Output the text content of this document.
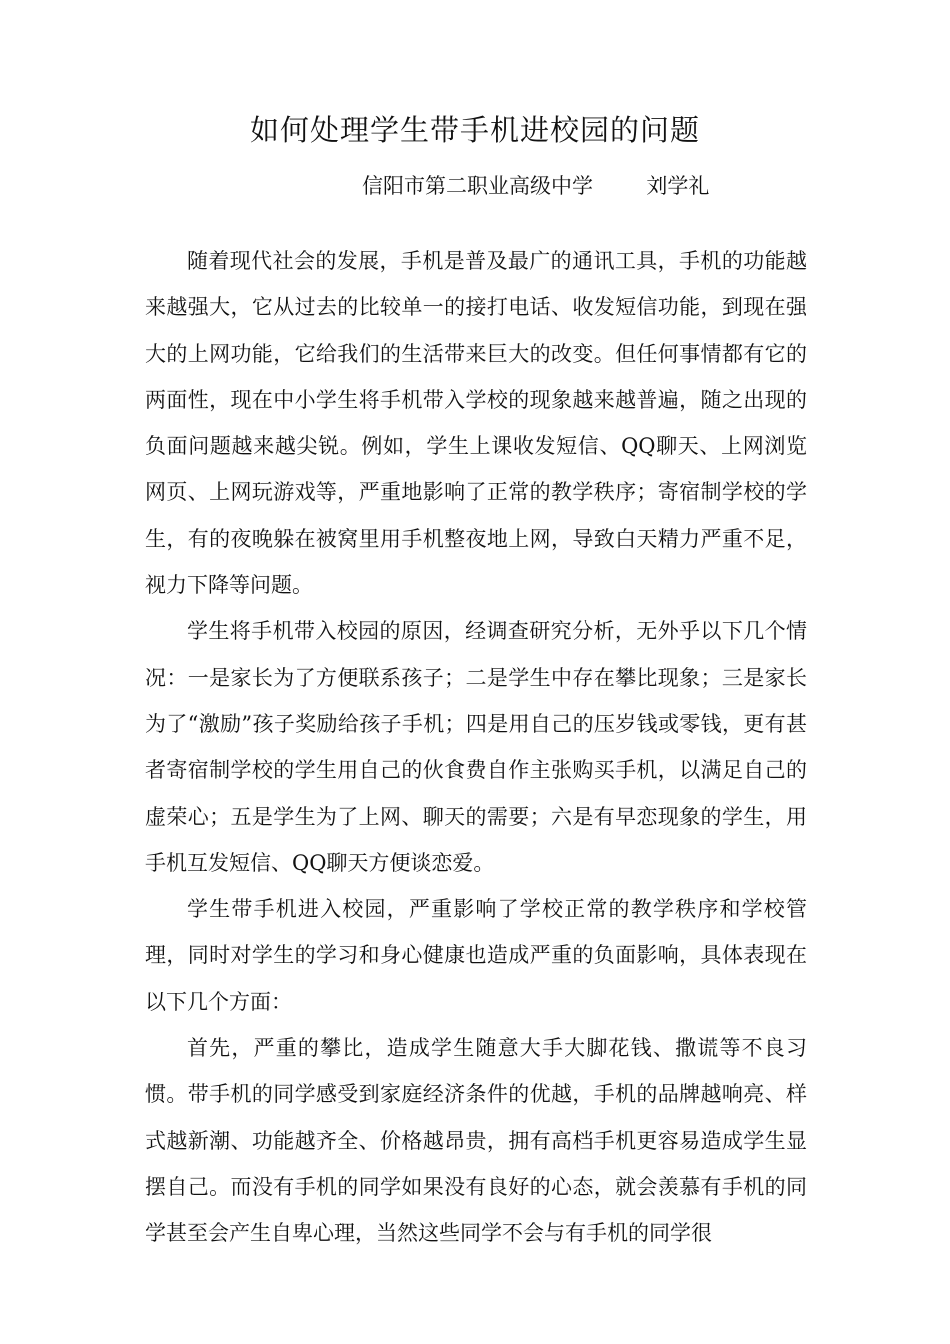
如何处理学生带手机进校园的问题
信阳市第二职业高级中学	刘学礼

随着现代社会的发展，手机是普及最广的通讯工具，手机的功能越来越强大，它从过去的比较单一的接打电话、收发短信功能，到现在强大的上网功能，它给我们的生活带来巨大的改变。但任何事情都有它的两面性，现在中小学生将手机带入学校的现象越来越普遍，随之出现的负面问题越来越尖锐。例如，学生上课收发短信、QQ聊天、上网浏览网页、上网玩游戏等，严重地影响了正常的教学秩序；寄宿制学校的学生，有的夜晚躲在被窝里用手机整夜地上网，导致白天精力严重不足，视力下降等问题。

学生将手机带入校园的原因，经调查研究分析，无外乎以下几个情况：一是家长为了方便联系孩子；二是学生中存在攀比现象；三是家长为了“激励”孩子奖励给孩子手机；四是用自己的压岁钱或零钱，更有甚者寄宿制学校的学生用自己的伙食费自作主张购买手机，以满足自己的虚荣心；五是学生为了上网、聊天的需要；六是有早恋现象的学生，用手机互发短信、QQ聊天方便谈恋爱。

学生带手机进入校园，严重影响了学校正常的教学秩序和学校管理，同时对学生的学习和身心健康也造成严重的负面影响，具体表现在以下几个方面：

首先，严重的攀比，造成学生随意大手大脚花钱、撒谎等不良习惯。带手机的同学感受到家庭经济条件的优越，手机的品牌越响亮、样式越新潮、功能越齐全、价格越昂贵，拥有高档手机更容易造成学生显摆自己。而没有手机的同学如果没有良好的心态，就会羡慕有手机的同学甚至会产生自卑心理，当然这些同学不会与有手机的同学很
